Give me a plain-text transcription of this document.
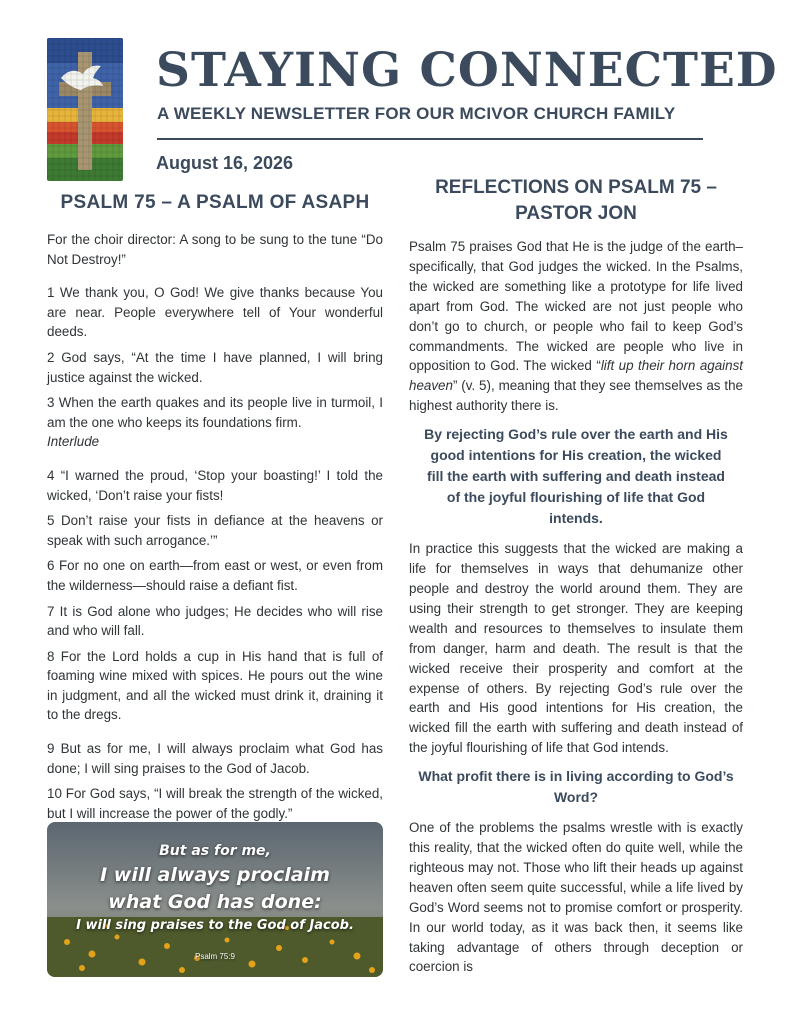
STAYING CONNECTED
A WEEKLY NEWSLETTER FOR OUR MCIVOR CHURCH FAMILY
August 16, 2026
PSALM 75 – A PSALM OF ASAPH

For the choir director: A song to be sung to the tune “Do Not Destroy!”

1 We thank you, O God! We give thanks because You are near. People everywhere tell of Your wonderful deeds.

2 God says, “At the time I have planned, I will bring justice against the wicked.

3 When the earth quakes and its people live in turmoil, I am the one who keeps its foundations firm.
Interlude

4 “I warned the proud, ‘Stop your boasting!’ I told the wicked, ‘Don’t raise your fists!

5 Don’t raise your fists in defiance at the heavens or speak with such arrogance.’”

6 For no one on earth—from east or west, or even from the wilderness—should raise a defiant fist.

7 It is God alone who judges; He decides who will rise and who will fall.

8 For the Lord holds a cup in His hand that is full of foaming wine mixed with spices. He pours out the wine in judgment, and all the wicked must drink it, draining it to the dregs.

9 But as for me, I will always proclaim what God has done; I will sing praises to the God of Jacob.

10 For God says, “I will break the strength of the wicked, but I will increase the power of the godly.”

But as for me,
I will always proclaim
what God has done:
I will sing praises to the God of Jacob.
Psalm 75:9
REFLECTIONS ON PSALM 75 – PASTOR JON

Psalm 75 praises God that He is the judge of the earth–specifically, that God judges the wicked. In the Psalms, the wicked are something like a prototype for life lived apart from God. The wicked are not just people who don’t go to church, or people who fail to keep God’s commandments. The wicked are people who live in opposition to God. The wicked “lift up their horn against heaven” (v. 5), meaning that they see themselves as the highest authority there is.

By rejecting God’s rule over the earth and His good intentions for His creation, the wicked fill the earth with suffering and death instead of the joyful flourishing of life that God intends.

In practice this suggests that the wicked are making a life for themselves in ways that dehumanize other people and destroy the world around them. They are using their strength to get stronger. They are keeping wealth and resources to themselves to insulate them from danger, harm and death. The result is that the wicked receive their prosperity and comfort at the expense of others. By rejecting God’s rule over the earth and His good intentions for His creation, the wicked fill the earth with suffering and death instead of the joyful flourishing of life that God intends.

What profit there is in living according to God’s Word?

One of the problems the psalms wrestle with is exactly this reality, that the wicked often do quite well, while the righteous may not. Those who lift their heads up against heaven often seem quite successful, while a life lived by God’s Word seems not to promise comfort or prosperity. In our world today, as it was back then, it seems like taking advantage of others through deception or coercion is
